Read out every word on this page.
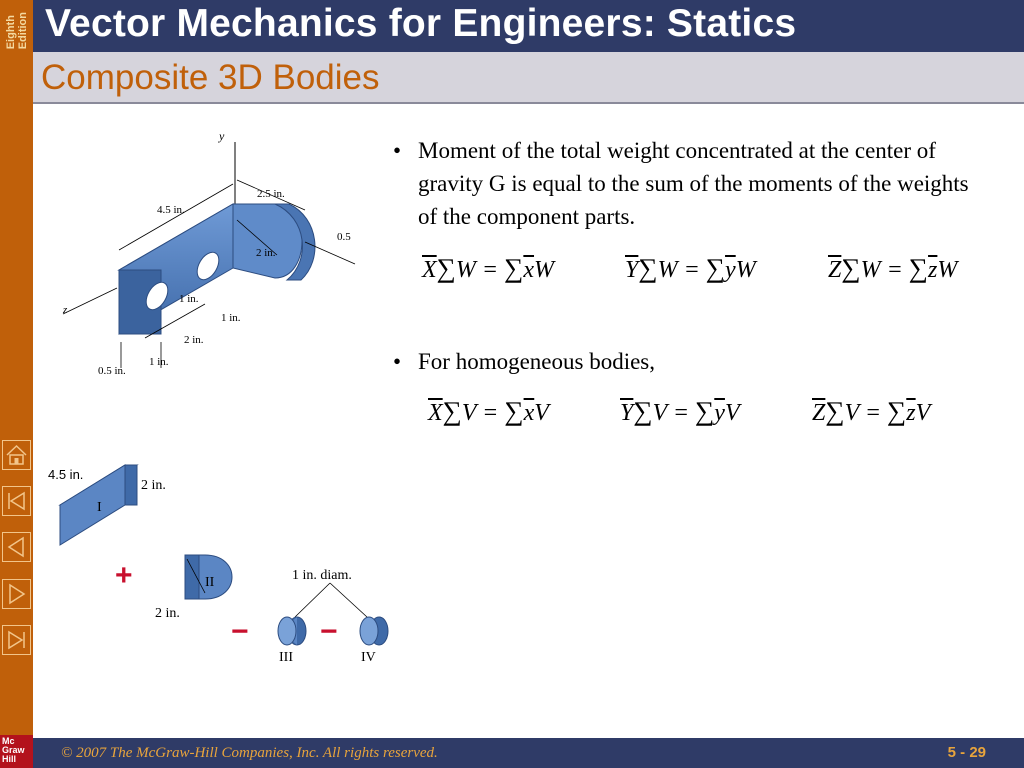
Eighth
Edition
Mc
Graw
Hill
Vector Mechanics for Engineers: Statics
Composite 3D Bodies
• Moment of the total weight concentrated at the center of gravity G is equal to the sum of the moments of the weights of the component parts.
$\overline{X}\sum W = \sum\overline{x}W$	$\overline{Y}\sum W = \sum\overline{y}W$	$\overline{Z}\sum W = \sum\overline{z}W$
• For homogeneous bodies,
$\overline{X}\sum V = \sum\overline{x}V$	$\overline{Y}\sum V = \sum\overline{y}V$	$\overline{Z}\sum V = \sum\overline{z}V$
y
4.5 in.
2.5 in.
2 in.
0.5
1 in.
1 in.
2 in.
1 in.
0.5 in.
z
4.5 in.
2 in.
I
+	II
2 in.
− −
1 in. diam.
III	IV
© 2007 The McGraw-Hill Companies, Inc. All rights reserved.	5 - 29
